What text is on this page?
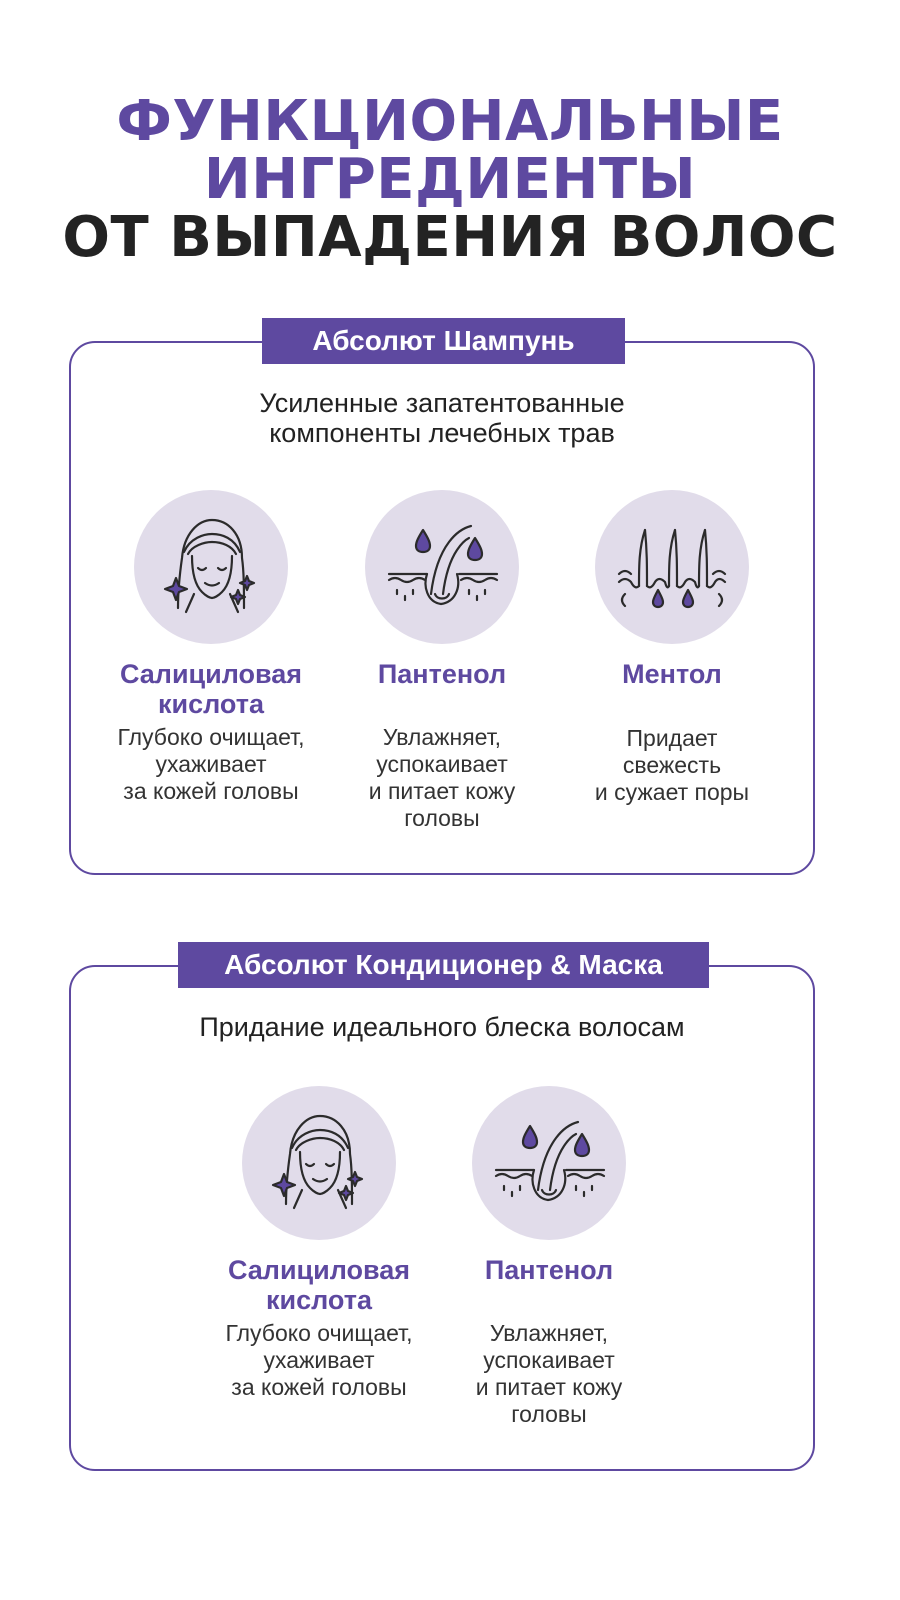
ФУНКЦИОНАЛЬНЫЕ
ИНГРЕДИЕНТЫ
ОТ ВЫПАДЕНИЯ ВОЛОС
Абсолют Шампунь
Усиленные запатентованные
компоненты лечебных трав
Салициловая
кислота
Глубоко очищает,
ухаживает
за кожей головы
Пантенол
Увлажняет,
успокаивает
и питает кожу
головы
Ментол
Придает
свежесть
и сужает поры
Абсолют Кондиционер & Маска
Придание идеального блеска волосам
Салициловая
кислота
Глубоко очищает,
ухаживает
за кожей головы
Пантенол
Увлажняет,
успокаивает
и питает кожу
головы
